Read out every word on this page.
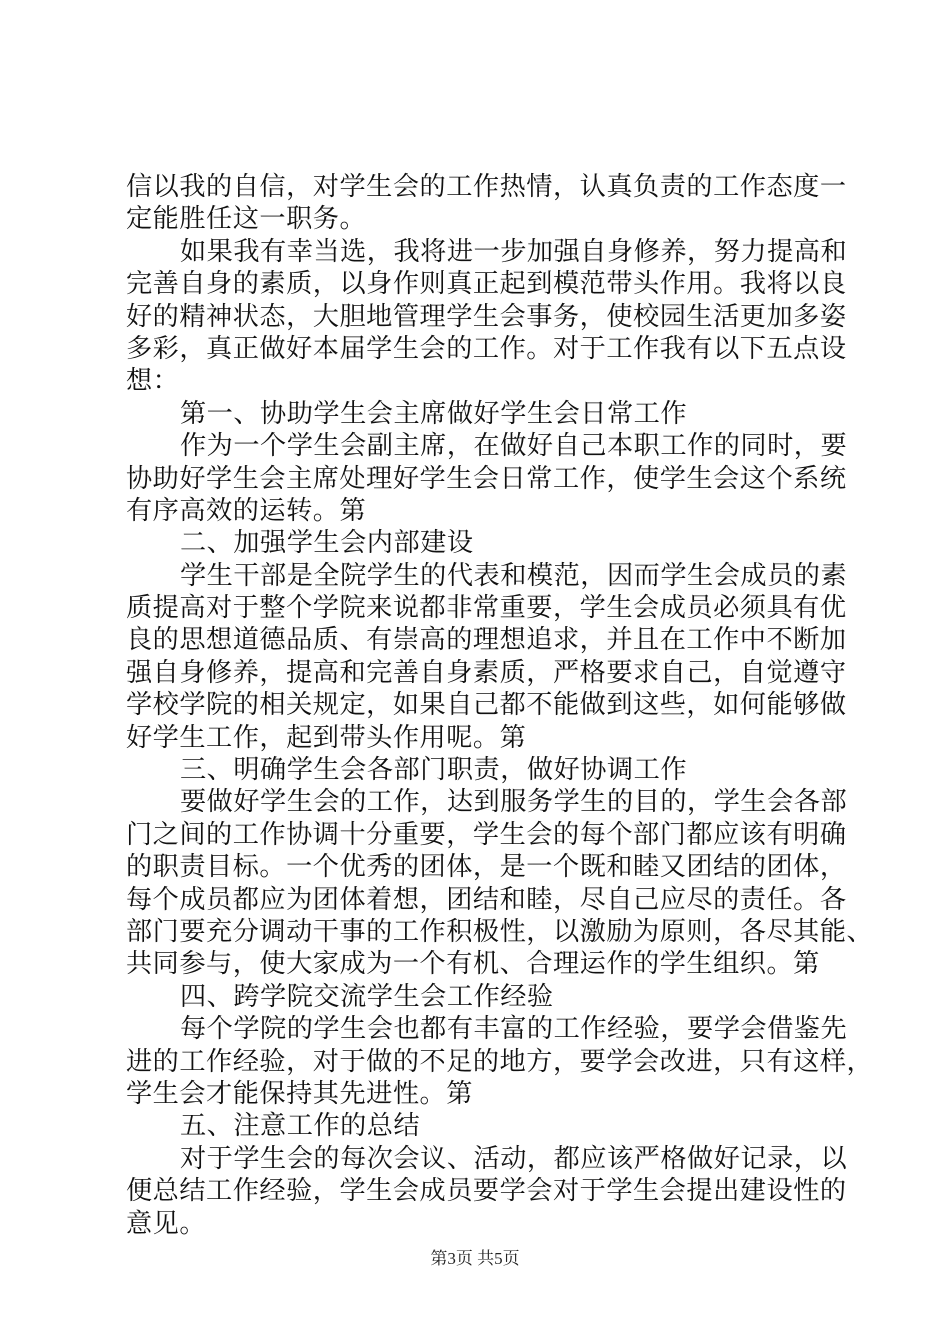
信以我的自信，对学生会的工作热情，认真负责的工作态度一
定能胜任这一职务。
如果我有幸当选，我将进一步加强自身修养，努力提高和
完善自身的素质，以身作则真正起到模范带头作用。我将以良
好的精神状态，大胆地管理学生会事务，使校园生活更加多姿
多彩，真正做好本届学生会的工作。对于工作我有以下五点设
想：
第一、协助学生会主席做好学生会日常工作
作为一个学生会副主席，在做好自己本职工作的同时，要
协助好学生会主席处理好学生会日常工作，使学生会这个系统
有序高效的运转。第
二、加强学生会内部建设
学生干部是全院学生的代表和模范，因而学生会成员的素
质提高对于整个学院来说都非常重要，学生会成员必须具有优
良的思想道德品质、有崇高的理想追求，并且在工作中不断加
强自身修养，提高和完善自身素质，严格要求自己，自觉遵守
学校学院的相关规定，如果自己都不能做到这些，如何能够做
好学生工作，起到带头作用呢。第
三、明确学生会各部门职责，做好协调工作
要做好学生会的工作，达到服务学生的目的，学生会各部
门之间的工作协调十分重要，学生会的每个部门都应该有明确
的职责目标。一个优秀的团体，是一个既和睦又团结的团体，
每个成员都应为团体着想，团结和睦，尽自己应尽的责任。各
部门要充分调动干事的工作积极性，以激励为原则，各尽其能、
共同参与，使大家成为一个有机、合理运作的学生组织。第
四、跨学院交流学生会工作经验
每个学院的学生会也都有丰富的工作经验，要学会借鉴先
进的工作经验，对于做的不足的地方，要学会改进，只有这样，
学生会才能保持其先进性。第
五、注意工作的总结
对于学生会的每次会议、活动，都应该严格做好记录，以
便总结工作经验，学生会成员要学会对于学生会提出建设性的
意见。
第3页 共5页
